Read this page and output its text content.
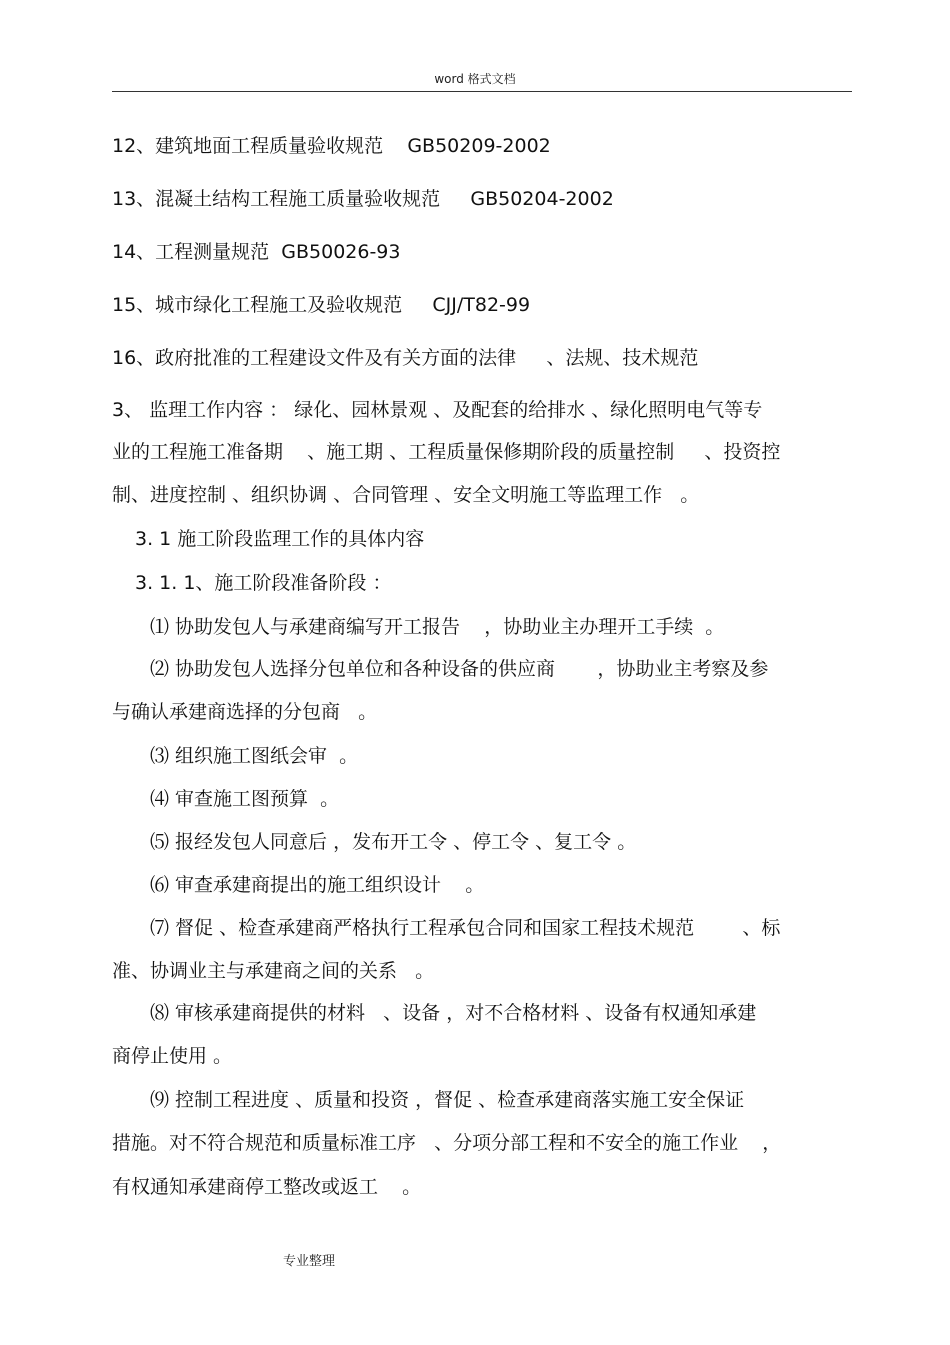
word 格式文档
12、建筑地面工程质量验收规范    GB50209-2002
13、混凝土结构工程施工质量验收规范     GB50204-2002
14、工程测量规范  GB50026-93
15、城市绿化工程施工及验收规范     CJJ/T82-99
16、政府批准的工程建设文件及有关方面的法律     、法规、技术规范
3、 监理工作内容 ： 绿化、园林景观 、及配套的给排水 、绿化照明电气等专
业的工程施工准备期    、施工期 、工程质量保修期阶段的质量控制     、投资控
制、进度控制 、组织协调 、合同管理 、安全文明施工等监理工作   。
3. 1 施工阶段监理工作的具体内容
3. 1. 1、施工阶段准备阶段 ：
⑴ 协助发包人与承建商编写开工报告    ，协助业主办理开工手续  。
⑵ 协助发包人选择分包单位和各种设备的供应商       ，协助业主考察及参
与确认承建商选择的分包商   。
⑶ 组织施工图纸会审  。
⑷ 审查施工图预算  。
⑸ 报经发包人同意后 ，发布开工令 、停工令 、复工令 。
⑹ 审查承建商提出的施工组织设计    。
⑺ 督促 、检查承建商严格执行工程承包合同和国家工程技术规范        、标
准、协调业主与承建商之间的关系   。
⑻ 审核承建商提供的材料   、设备 ，对不合格材料 、设备有权通知承建
商停止使用 。
⑼ 控制工程进度 、质量和投资 ，督促 、检查承建商落实施工安全保证
措施。对不符合规范和质量标准工序   、分项分部工程和不安全的施工作业    ，
有权通知承建商停工整改或返工    。
专业整理
